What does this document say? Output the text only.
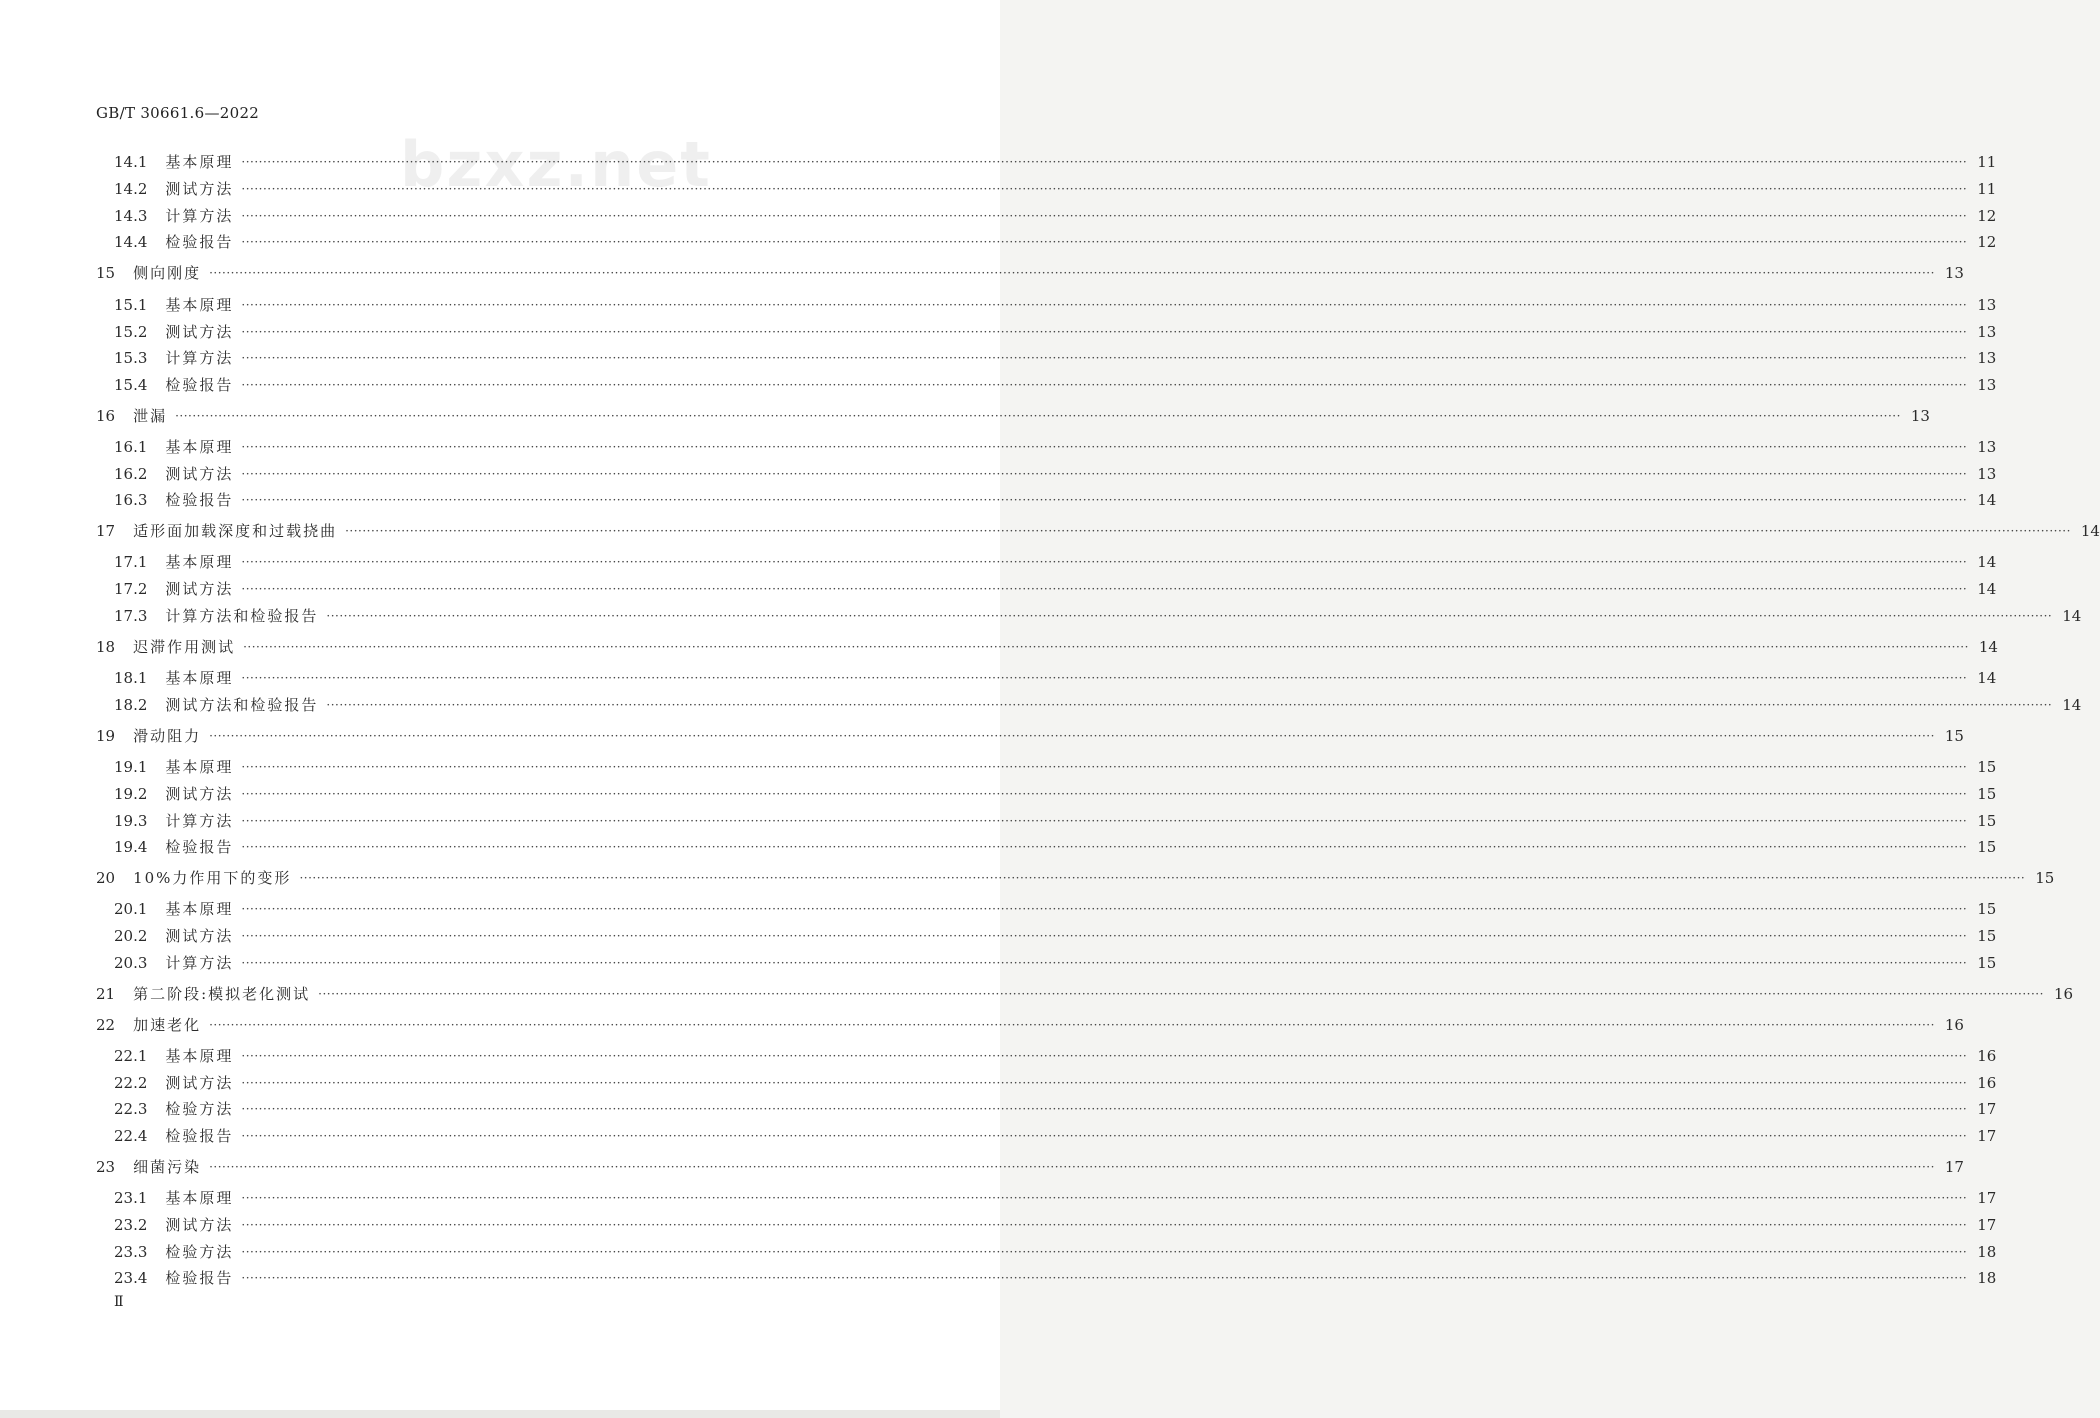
GB/T 30661.6—2022
bzxz.net
14.1 基本原理 ················································································································································································································································································································································································································ 11
14.2 测试方法 ················································································································································································································································································································································································································ 11
14.3 计算方法 ················································································································································································································································································································································································································ 12
14.4 检验报告 ················································································································································································································································································································································································································ 12
15 侧向刚度 ················································································································································································································································································································································································································ 13
15.1 基本原理 ················································································································································································································································································································································································································ 13
15.2 测试方法 ················································································································································································································································································································································································································ 13
15.3 计算方法 ················································································································································································································································································································································································································ 13
15.4 检验报告 ················································································································································································································································································································································································································ 13
16 泄漏 ················································································································································································································································································································································································································ 13
16.1 基本原理 ················································································································································································································································································································································································································ 13
16.2 测试方法 ················································································································································································································································································································································································································ 13
16.3 检验报告 ················································································································································································································································································································································································································ 14
17 适形面加载深度和过载挠曲 ················································································································································································································································································································································································································ 14
17.1 基本原理 ················································································································································································································································································································································································································ 14
17.2 测试方法 ················································································································································································································································································································································································································ 14
17.3 计算方法和检验报告 ················································································································································································································································································································································································································ 14
18 迟滞作用测试 ················································································································································································································································································································································································································ 14
18.1 基本原理 ················································································································································································································································································································································································································ 14
18.2 测试方法和检验报告 ················································································································································································································································································································································································································ 14
19 滑动阻力 ················································································································································································································································································································································································································ 15
19.1 基本原理 ················································································································································································································································································································································································································ 15
19.2 测试方法 ················································································································································································································································································································································································································ 15
19.3 计算方法 ················································································································································································································································································································································································································ 15
19.4 检验报告 ················································································································································································································································································································································································································ 15
20 10%力作用下的变形 ················································································································································································································································································································································································································ 15
20.1 基本原理 ················································································································································································································································································································································································································ 15
20.2 测试方法 ················································································································································································································································································································································································································ 15
20.3 计算方法 ················································································································································································································································································································································································································ 15
21 第二阶段:模拟老化测试 ················································································································································································································································································································································································································ 16
22 加速老化 ················································································································································································································································································································································································································ 16
22.1 基本原理 ················································································································································································································································································································································································································ 16
22.2 测试方法 ················································································································································································································································································································································································································ 16
22.3 检验方法 ················································································································································································································································································································································································································ 17
22.4 检验报告 ················································································································································································································································································································································································································ 17
23 细菌污染 ················································································································································································································································································································································································································ 17
23.1 基本原理 ················································································································································································································································································································································································································ 17
23.2 测试方法 ················································································································································································································································································································································································································ 17
23.3 检验方法 ················································································································································································································································································································································································································ 18
23.4 检验报告 ················································································································································································································································································································································································································ 18
Ⅱ
